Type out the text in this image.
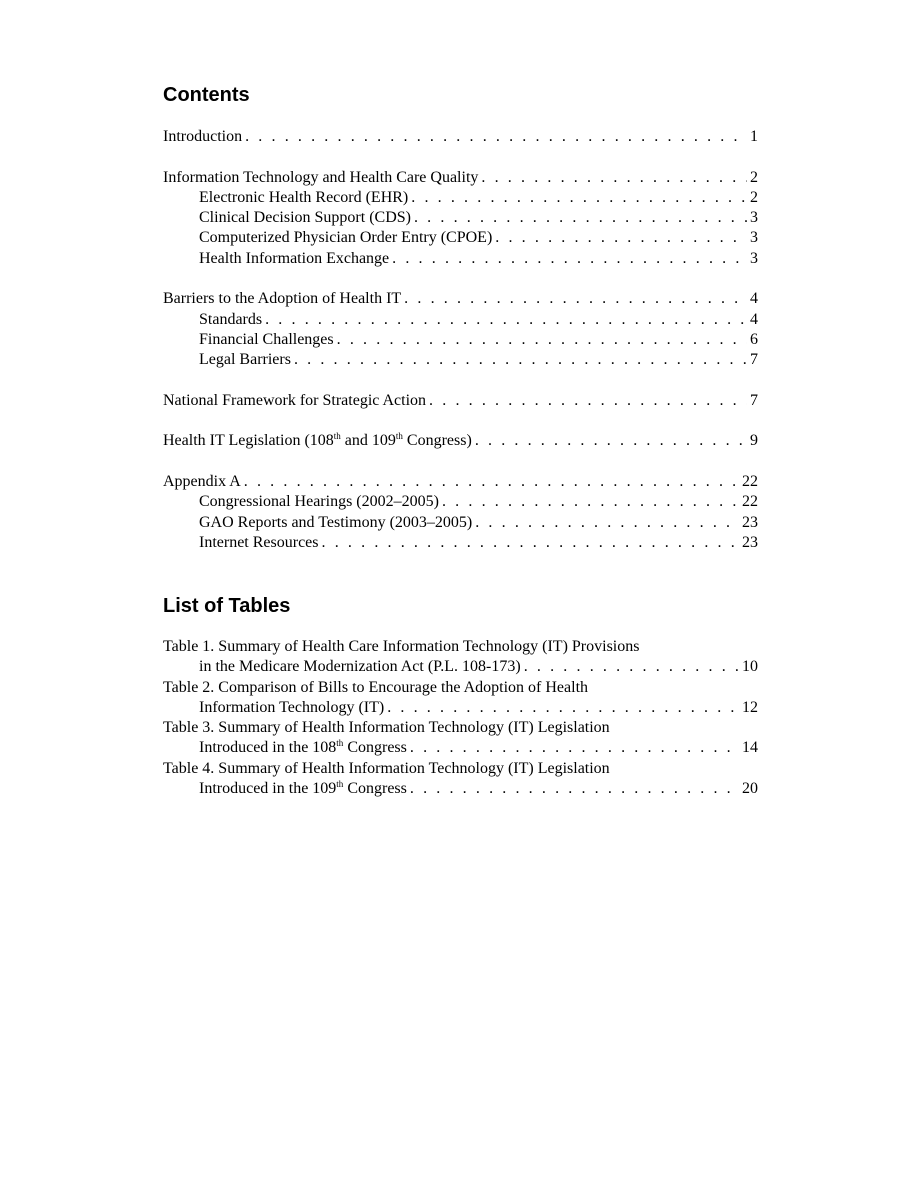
Contents
Introduction . . .	1
Information Technology and Health Care Quality . . .	2
Electronic Health Record (EHR) . . .	2
Clinical Decision Support (CDS) . . .	3
Computerized Physician Order Entry (CPOE) . . .	3
Health Information Exchange . . .	3
Barriers to the Adoption of Health IT . . .	4
Standards . . .	4
Financial Challenges . . .	6
Legal Barriers . . .	7
National Framework for Strategic Action . . .	7
Health IT Legislation (108th and 109th Congress) . . .	9
Appendix A . . .	22
Congressional Hearings (2002–2005) . . .	22
GAO Reports and Testimony (2003–2005) . . .	23
Internet Resources . . .	23
List of Tables
Table 1. Summary of Health Care Information Technology (IT) Provisions
in the Medicare Modernization Act (P.L. 108-173) . . .	10
Table 2. Comparison of Bills to Encourage the Adoption of Health
Information Technology (IT) . . .	12
Table 3. Summary of Health Information Technology (IT) Legislation
Introduced in the 108th Congress . . .	14
Table 4. Summary of Health Information Technology (IT) Legislation
Introduced in the 109th Congress . . .	20
